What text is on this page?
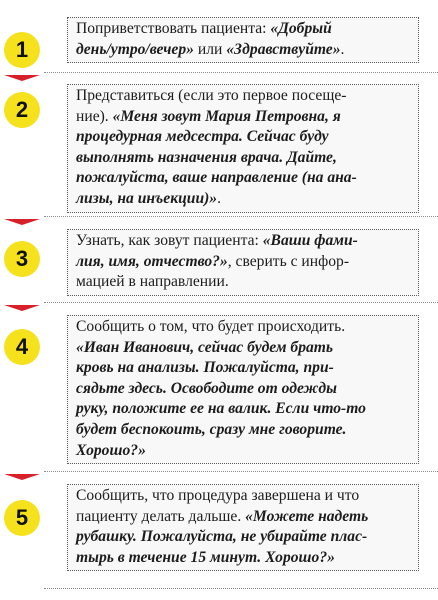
1
Поприветствовать пациента: «Добрый
день/утро/вечер» или «Здравствуйте».
2
Представиться (если это первое посеще-
ние). «Меня зовут Мария Петровна, я
процедурная медсестра. Сейчас буду
выполнять назначения врача. Дайте,
пожалуйста, ваше направление (на ана-
лизы, на инъекции)».
3
Узнать, как зовут пациента: «Ваши фами-
лия, имя, отчество?», сверить с инфор-
мацией в направлении.
4
Сообщить о том, что будет происходить.
«Иван Иванович, сейчас будем брать
кровь на анализы. Пожалуйста, при-
сядьте здесь. Освободите от одежды
руку, положите ее на валик. Если что-то
будет беспокоить, сразу мне говорите.
Хорошо?»
5
Сообщить, что процедура завершена и что
пациенту делать дальше. «Можете надеть
рубашку. Пожалуйста, не убирайте плас-
тырь в течение 15 минут. Хорошо?»
